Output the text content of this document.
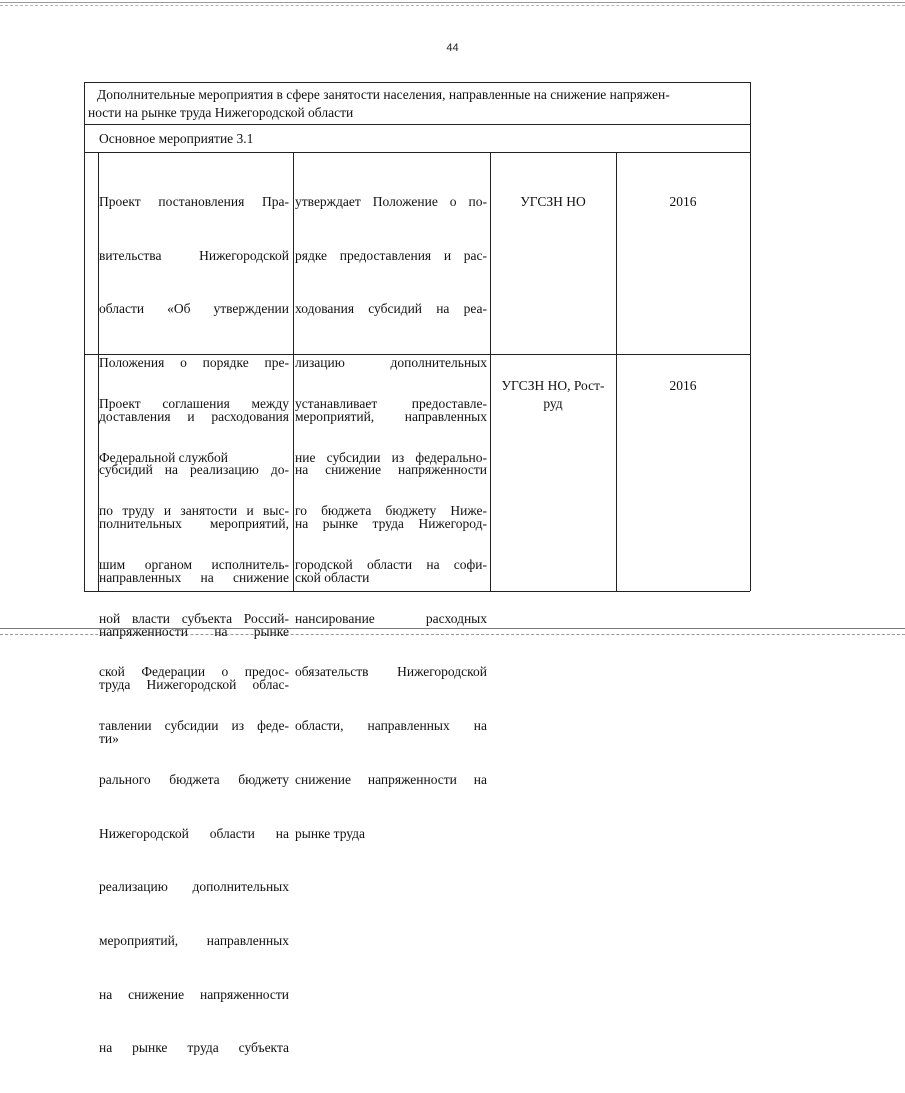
44
Дополнительные мероприятия в сфере занятости населения, направленные на снижение напряжен-
ности на рынке труда Нижегородской области
Основное мероприятие 3.1

Проект постановления Пра-

вительства Нижегородской

области «Об утверждении

Положения о порядке пре-

доставления и расходования

субсидий на реализацию до-

полнительных мероприятий,

направленных на снижение

напряженности на рынке

труда Нижегородской облас-

ти»

утверждает Положение о по-

рядке предоставления и рас-

ходования субсидий на реа-

лизацию дополнительных

мероприятий, направленных

на снижение напряженности

на рынке труда Нижегород-

ской области

УГСЗН НО	2016

Проект соглашения между

Федеральной службой

по труду и занятости и выс-

шим органом исполнитель-

ной власти субъекта Россий-

ской Федерации о предос-

тавлении субсидии из феде-

рального бюджета бюджету

Нижегородской области на

реализацию дополнительных

мероприятий, направленных

на снижение напряженности

на рынке труда субъекта

устанавливает предоставле-

ние субсидии из федерально-

го бюджета бюджету Ниже-

городской области на софи-

нансирование расходных

обязательств Нижегородской

области, направленных на

снижение напряженности на

рынке труда

УГСЗН НО, Рост-руд
2016
